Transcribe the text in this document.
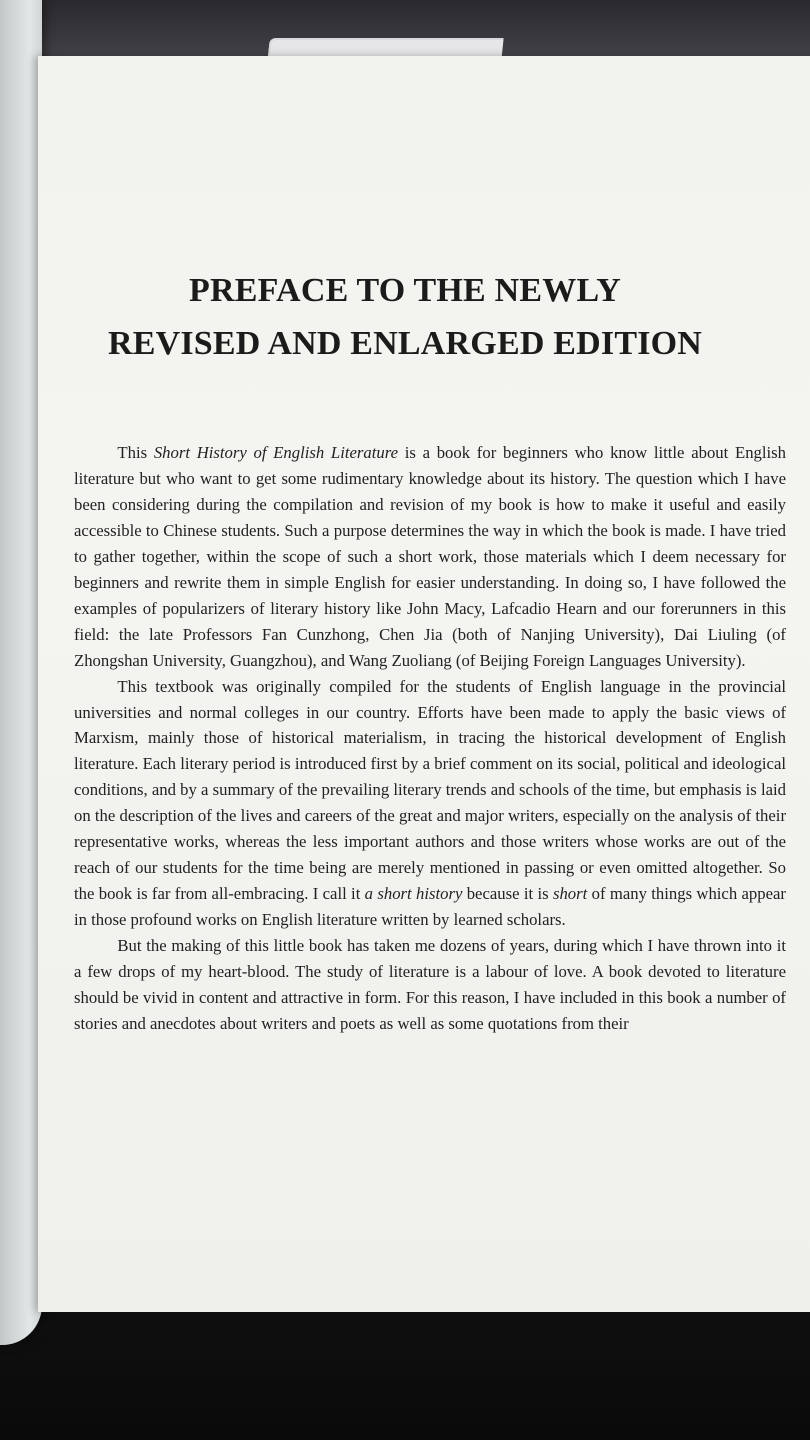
PREFACE TO THE NEWLY
REVISED AND ENLARGED EDITION

This Short History of English Literature is a book for beginners who know little about English literature but who want to get some rudimentary knowledge about its history. The question which I have been considering during the compilation and revision of my book is how to make it useful and easily accessible to Chinese students. Such a purpose determines the way in which the book is made. I have tried to gather together, within the scope of such a short work, those materials which I deem necessary for beginners and rewrite them in simple English for easier understanding. In doing so, I have followed the examples of popularizers of literary history like John Macy, Lafcadio Hearn and our forerunners in this field: the late Professors Fan Cunzhong, Chen Jia (both of Nanjing University), Dai Liuling (of Zhongshan University, Guangzhou), and Wang Zuoliang (of Beijing Foreign Languages University).

This textbook was originally compiled for the students of English language in the provincial universities and normal colleges in our country. Efforts have been made to apply the basic views of Marxism, mainly those of historical materialism, in tracing the historical development of English literature. Each literary period is introduced first by a brief comment on its social, political and ideological conditions, and by a summary of the prevailing literary trends and schools of the time, but emphasis is laid on the description of the lives and careers of the great and major writers, especially on the analysis of their representative works, whereas the less important authors and those writers whose works are out of the reach of our students for the time being are merely mentioned in passing or even omitted altogether. So the book is far from all-embracing. I call it a short history because it is short of many things which appear in those profound works on English literature written by learned scholars.

But the making of this little book has taken me dozens of years, during which I have thrown into it a few drops of my heart-blood. The study of literature is a labour of love. A book devoted to literature should be vivid in content and attractive in form. For this reason, I have included in this book a number of stories and anecdotes about writers and poets as well as some quotations from their
